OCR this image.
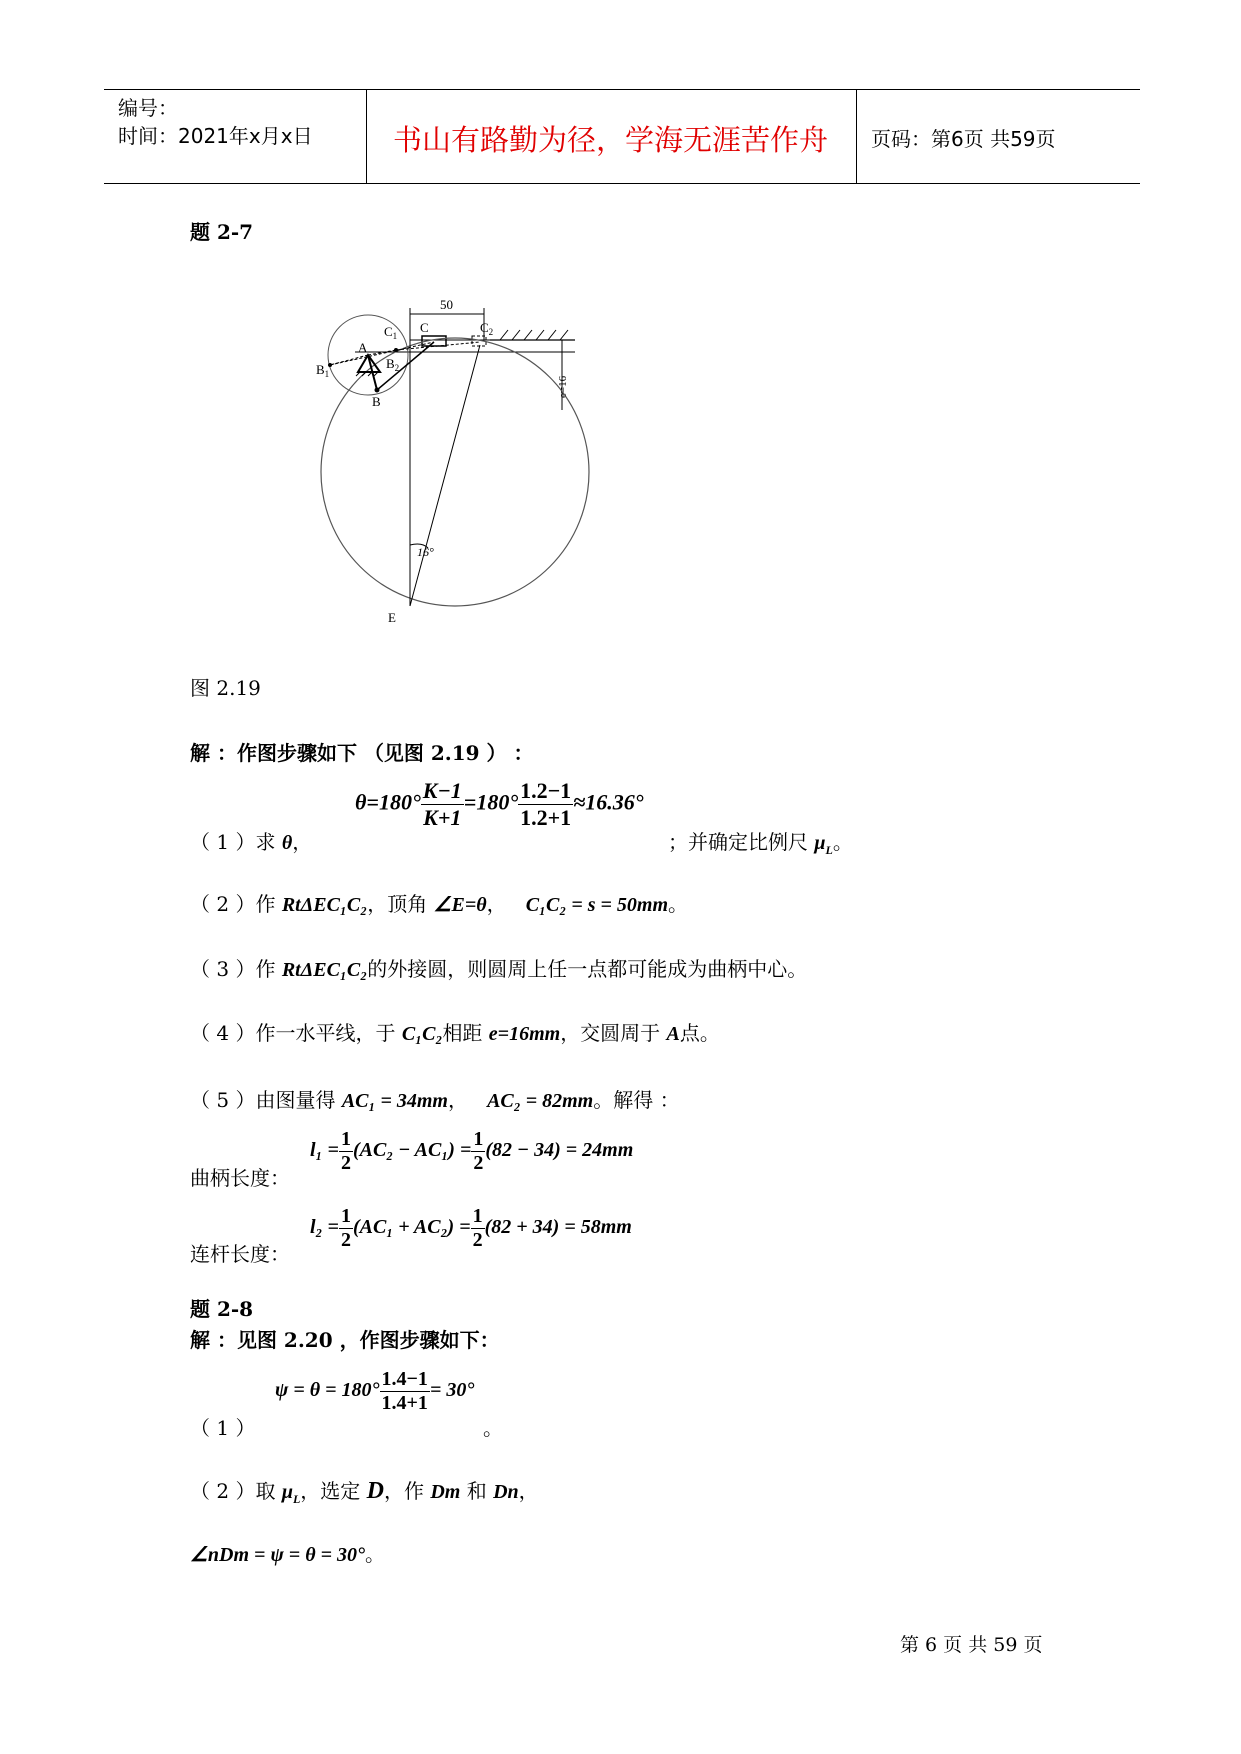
编号：
时间：2021年x月x日	书山有路勤为径，学海无涯苦作舟 页码：第6页 共59页
题 2-7
50
e=16
16°
$C_1$
C	$C_2$
A
$B_1$
$B_2$
B
E
图 2.19
解 ：作图步骤如下 （见图 2.19 ） ：
（ 1 ）求 θ，
$\theta=180^\circ \frac{K-1}{K+1} =180^\circ \frac{1.2-1}{1.2+1} \approx 16.36^\circ$
；并确定比例尺 $\mu_L$。
（ 2 ）作 RtΔEC₁C₂，顶角 ∠E=θ， C₁C₂ = s = 50mm。
（ 3 ）作 RtΔEC₁C₂的外接圆，则圆周上任一点都可能成为曲柄中心。
（ 4 ）作一水平线，于 C₁C₂相距 e=16mm，交圆周于 A点。
（ 5 ）由图量得 AC₁ = 34mm， AC₂ = 82mm。解得 ：
曲柄长度：
$l_1 = \frac{1}{2} (AC_2 - AC_1) = \frac{1}{2} (82 - 34) = 24mm$
连杆长度：
$l_2 = \frac{1}{2} (AC_1 + AC_2) = \frac{1}{2} (82 + 34) = 58mm$
题 2-8
解 ：见图 2.20 ，作图步骤如下：
（ 1 ）
$\psi = \theta = 180^\circ \frac{1.4-1}{1.4+1} = 30^\circ$
。
（ 2 ）取 $\mu_L$，选定 D，作 Dm 和 Dn，
∠nDm = ψ = θ = 30°。
第 6 页 共 59 页
